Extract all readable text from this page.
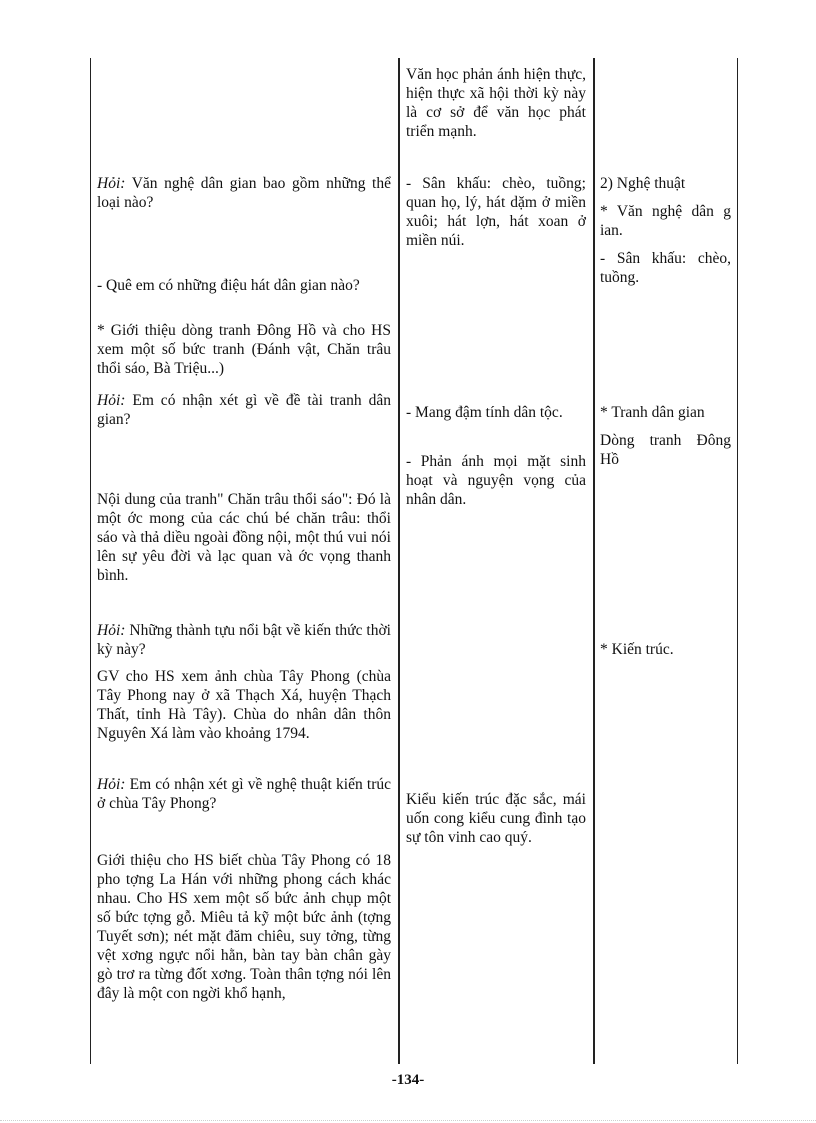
Hỏi: Văn nghệ dân gian bao gồm những thể loại nào?

- Quê em có những điệu hát dân gian nào?

* Giới thiệu dòng tranh Đông Hồ và cho HS xem một số bức tranh (Đánh vật, Chăn trâu thổi sáo, Bà Triệu...)

Hỏi: Em có nhận xét gì về đề tài tranh dân gian?

Nội dung của tranh" Chăn trâu thổi sáo": Đó là một ớc mong của các chú bé chăn trâu: thổi sáo và thả diều ngoài đồng nội, một thú vui nói lên sự yêu đời và lạc quan và ớc vọng thanh bình.

Hỏi: Những thành tựu nổi bật về kiến thức thời kỳ này?

GV cho HS xem ảnh chùa Tây Phong (chùa Tây Phong nay ở xã Thạch Xá, huyện Thạch Thất, tỉnh Hà Tây). Chùa do nhân dân thôn Nguyên Xá làm vào khoảng 1794.

Hỏi: Em có nhận xét gì về nghệ thuật kiến trúc ở chùa Tây Phong?

Giới thiệu cho HS biết chùa Tây Phong có 18 pho tợng La Hán với những phong cách khác nhau. Cho HS xem một số bức ảnh chụp một số bức tợng gỗ. Miêu tả kỹ một bức ảnh (tợng Tuyết sơn); nét mặt đăm chiêu, suy tởng, từng vệt xơng ngực nổi hằn, bàn tay bàn chân gày gò trơ ra từng đốt xơng. Toàn thân tợng nói lên đây là một con ngời khổ hạnh,

Văn học phản ánh hiện thực, hiện thực xã hội thời kỳ này là cơ sở để văn học phát triển mạnh.

- Sân khấu: chèo, tuồng; quan họ, lý, hát dặm ở miền xuôi; hát lợn, hát xoan ở miền núi.

- Mang đậm tính dân tộc.

- Phản ánh mọi mặt sinh hoạt và nguyện vọng của nhân dân.

Kiểu kiến trúc đặc sắc, mái uốn cong kiểu cung đình tạo sự tôn vinh cao quý.

2) Nghệ thuật

* Văn nghệ dân g ian.

- Sân khấu: chèo, tuồng.

* Tranh dân gian

Dòng tranh Đông Hồ

* Kiến trúc.

-134-
